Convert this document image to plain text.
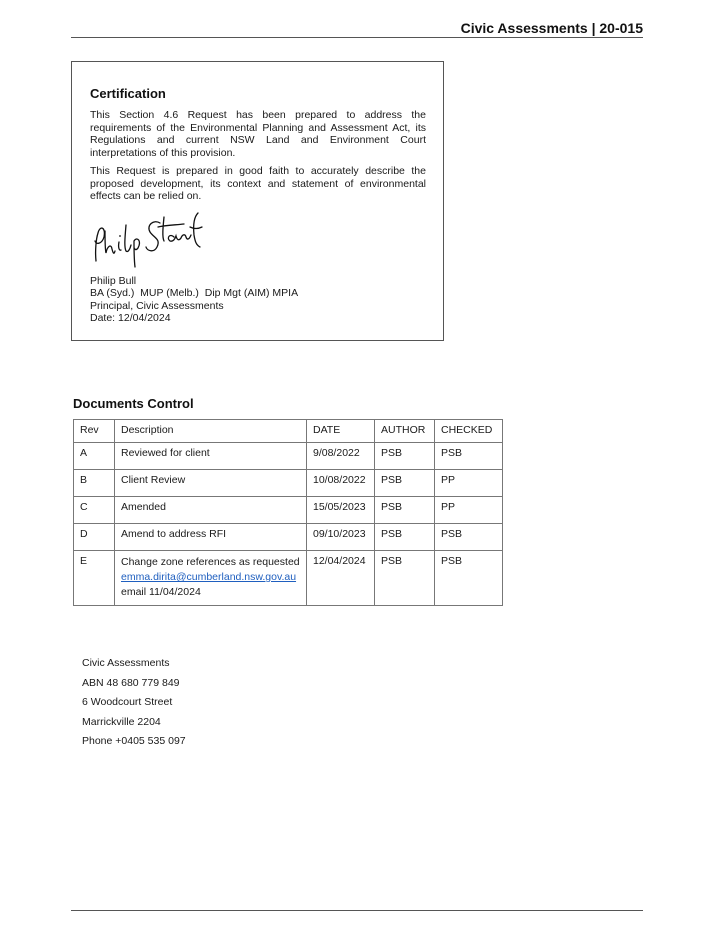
Civic Assessments | 20-015
Certification

This Section 4.6 Request has been prepared to address the requirements of the Environmental Planning and Assessment Act, its Regulations and current NSW Land and Environment Court interpretations of this provision.

This Request is prepared in good faith to accurately describe the proposed development, its context and statement of environmental effects can be relied on.

Philip Bull
BA (Syd.)  MUP (Melb.)  Dip Mgt (AIM) MPIA
Principal, Civic Assessments
Date: 12/04/2024
Documents Control
Rev	Description	DATE	AUTHOR	CHECKED
A	Reviewed for client	9/08/2022	PSB	PSB
B	Client Review	10/08/2022	PSB	PP
C	Amended	15/05/2023	PSB	PP
D	Amend to address RFI	09/10/2023	PSB	PSB
E	Change zone references as requested
emma.dirita@cumberland.nsw.gov.au
email 11/04/2024	12/04/2024	PSB	PSB
Civic Assessments
ABN 48 680 779 849
6 Woodcourt Street
Marrickville 2204
Phone +0405 535 097
